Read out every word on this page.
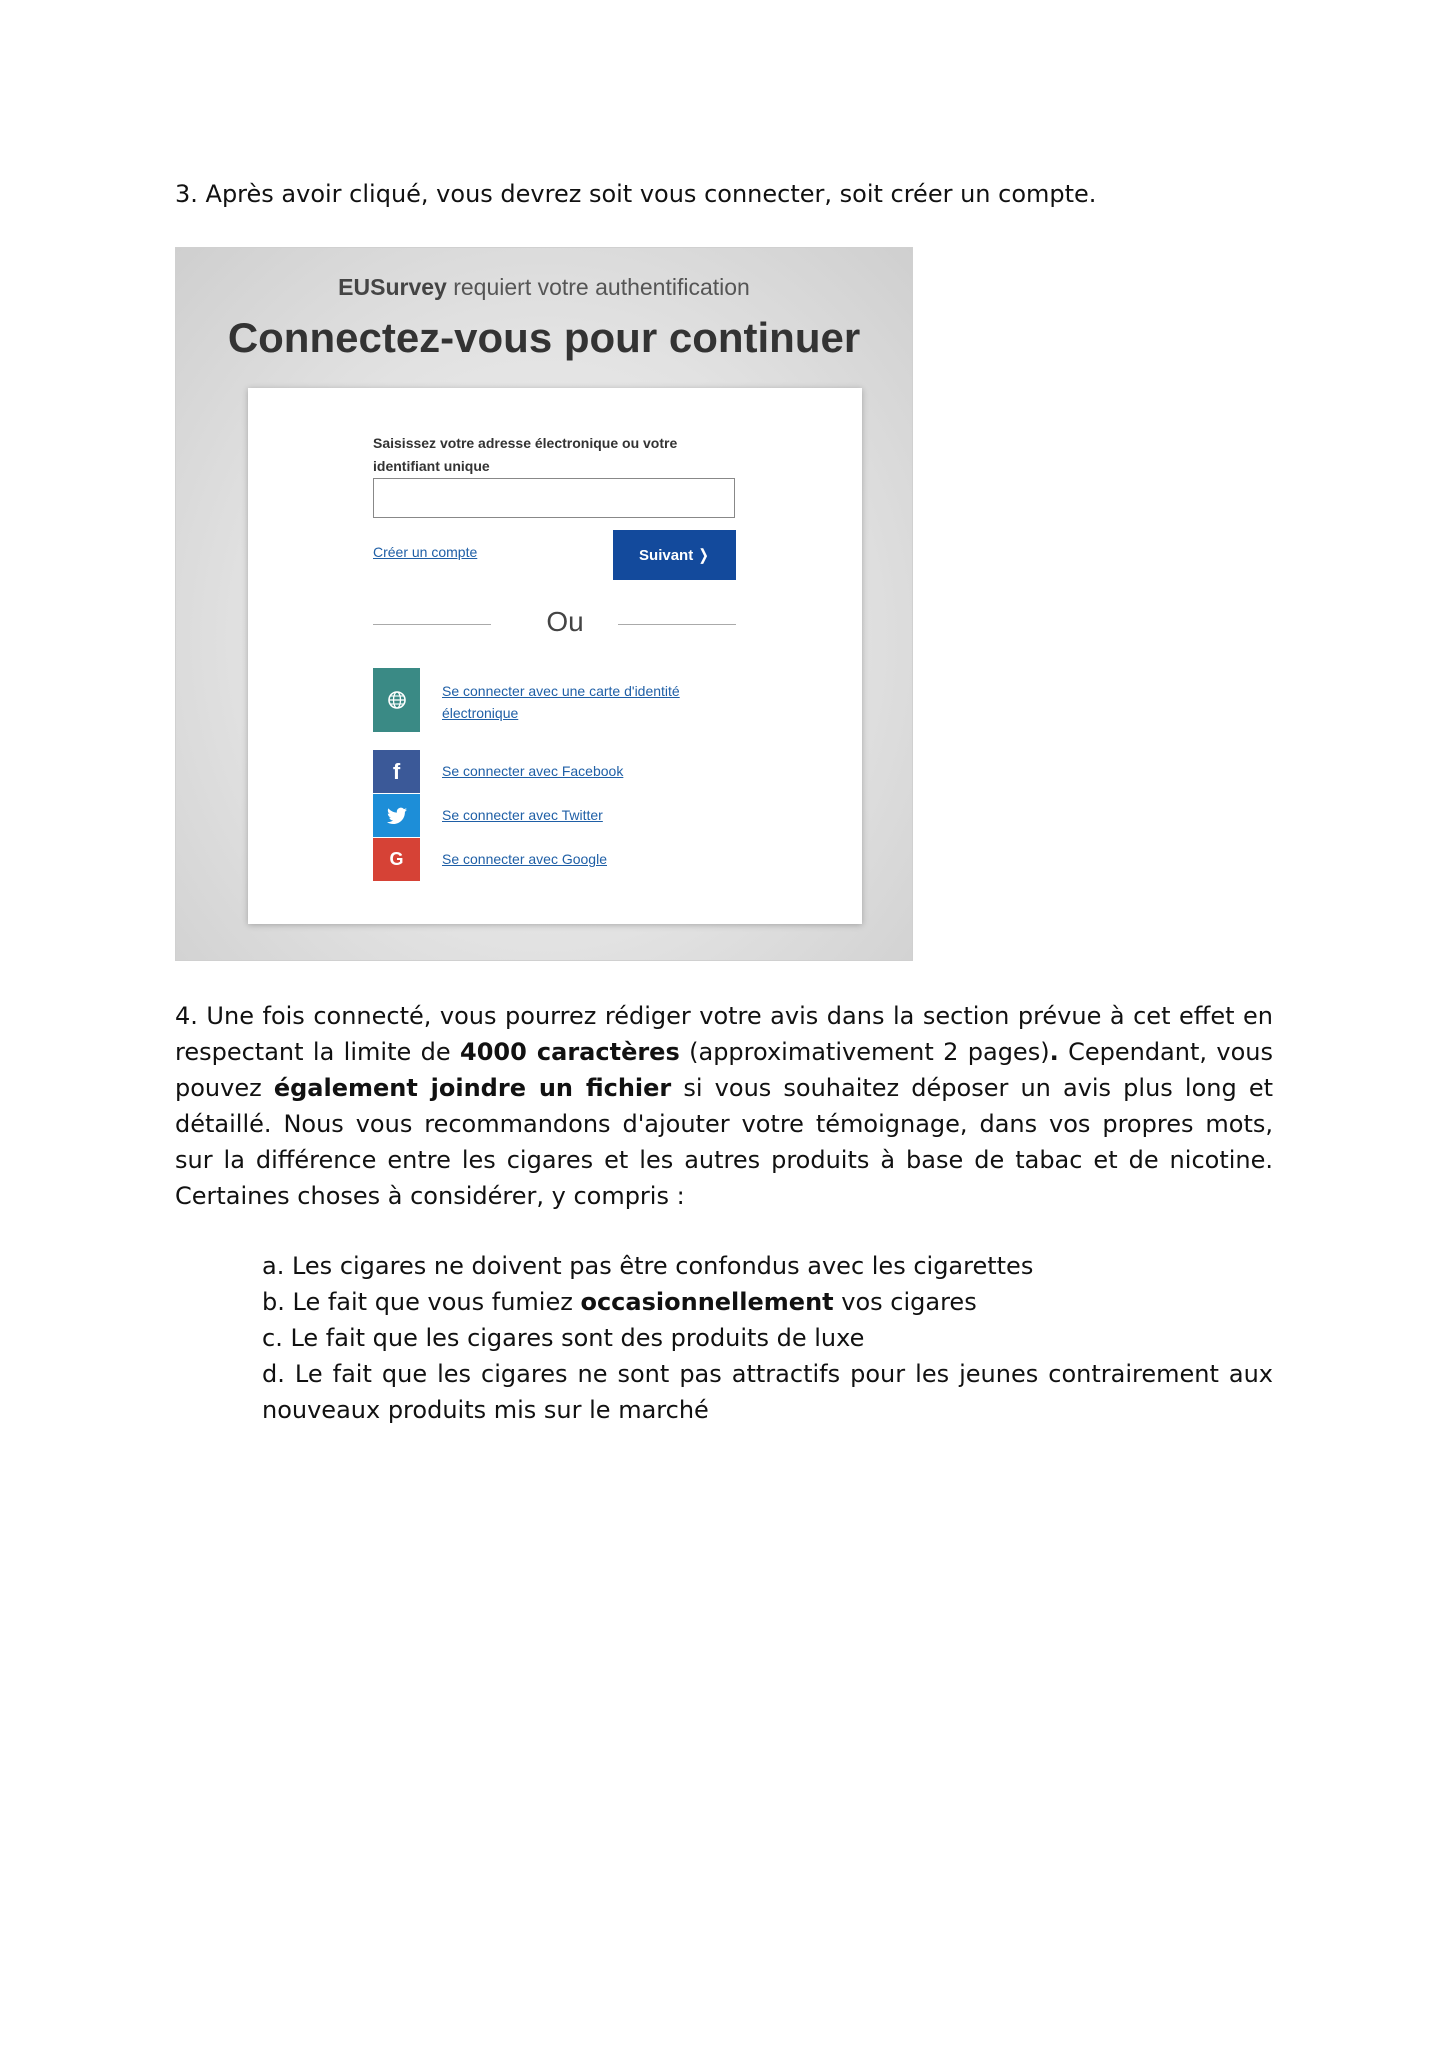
3. Après avoir cliqué, vous devrez soit vous connecter, soit créer un compte.
EUSurvey requiert votre authentification
Connectez-vous pour continuer
Saisissez votre adresse électronique ou votre identifiant unique
Créer un compte	Suivant ❭
Ou
Se connecter avec une carte d'identité électronique
f	Se connecter avec Facebook
Se connecter avec Twitter
G	Se connecter avec Google
4. Une fois connecté, vous pourrez rédiger votre avis dans la section prévue à cet effet en respectant la limite de 4000 caractères (approximativement 2 pages). Cependant, vous pouvez également joindre un fichier si vous souhaitez déposer un avis plus long et détaillé. Nous vous recommandons d'ajouter votre témoignage, dans vos propres mots, sur la différence entre les cigares et les autres produits à base de tabac et de nicotine. Certaines choses à considérer, y compris :
a. Les cigares ne doivent pas être confondus avec les cigarettes
b. Le fait que vous fumiez occasionnellement vos cigares
c. Le fait que les cigares sont des produits de luxe
d. Le fait que les cigares ne sont pas attractifs pour les jeunes contrairement aux nouveaux produits mis sur le marché
